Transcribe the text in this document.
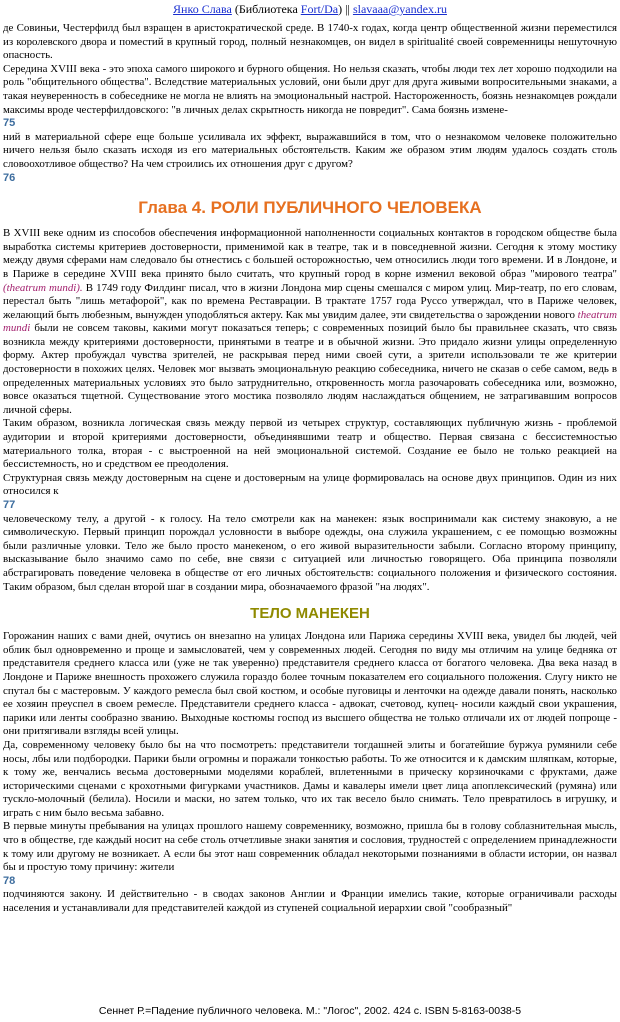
Янко Слава (Библиотека Fort/Da) || slavaaa@yandex.ru

де Совиньи, Честерфилд был взращен в аристократической среде. В 1740-х годах, когда центр общественной жизни переместился из королевского двора и поместий в крупный город, полный незнакомцев, он видел в spiritualité своей современницы нешуточную опасность.

Середина XVIII века - это эпоха самого широкого и бурного общения. Но нельзя сказать, чтобы люди тех лет хорошо подходили на роль "общительного общества". Вследствие материальных условий, они были друг для друга живыми вопросительными знаками, а такая неуверенность в собеседнике не могла не влиять на эмоциональный настрой. Настороженность, боязнь незнакомцев рождали максимы вроде честерфилдовского: "в личных делах скрытность никогда не повредит". Сама боязнь измене-

75

ний в материальной сфере еще больше усиливала их эффект, выражавшийся в том, что о незнакомом человеке положительно ничего нельзя было сказать исходя из его материальных обстоятельств. Каким же образом этим людям удалось создать столь словоохотливое общество? На чем строились их отношения друг с другом?

76
Глава 4. РОЛИ ПУБЛИЧНОГО ЧЕЛОВЕКА

В XVIII веке одним из способов обеспечения информационной наполненности социальных контактов в городском обществе была выработка системы критериев достоверности, применимой как в театре, так и в повседневной жизни. Сегодня к этому мостику между двумя сферами нам следовало бы отнестись с большей осторожностью, чем относились люди того времени. И в Лондоне, и в Париже в середине XVIII века принято было считать, что крупный город в корне изменил вековой образ "мирового театра" (theatrum mundi). В 1749 году Филдинг писал, что в жизни Лондона мир сцены смешался с миром улиц. Мир-театр, по его словам, перестал быть "лишь метафорой", как по времена Реставрации. В трактате 1757 года Руссо утверждал, что в Париже человек, желающий быть любезным, вынужден уподобляться актеру. Как мы увидим далее, эти свидетельства о зарождении нового theatrum mundi были не совсем таковы, какими могут показаться теперь; с современных позиций было бы правильнее сказать, что связь возникла между критериями достоверности, принятыми в театре и в обычной жизни. Это придало жизни улицы определенную форму. Актер пробуждал чувства зрителей, не раскрывая перед ними своей сути, а зрители использовали те же критерии достоверности в похожих целях. Человек мог вызвать эмоциональную реакцию собеседника, ничего не сказав о себе самом, ведь в определенных материальных условиях это было затруднительно, откровенность могла разочаровать собеседника или, возможно, вовсе оказаться тщетной. Существование этого мостика позволяло людям наслаждаться общением, не затрагивавшим вопросов личной сферы.

Таким образом, возникла логическая связь между первой из четырех структур, составляющих публичную жизнь - проблемой аудитории и второй критериями достоверности, объединявшими театр и общество. Первая связана с бессистемностью материального толка, вторая - с выстроенной на ней эмоциональной системой. Создание ее было не только реакцией на бессистемность, но и средством ее преодоления.

Структурная связь между достоверным на сцене и достоверным на улице формировалась на основе двух принципов. Один из них относился к

77

человеческому телу, а другой - к голосу. На тело смотрели как на манекен: язык воспринимали как систему знаковую, а не символическую. Первый принцип порождал условности в выборе одежды, она служила украшением, с ее помощью возможны были различные уловки. Тело же было просто манекеном, о его живой выразительности забыли. Согласно второму принципу, высказывание было значимо само по себе, вне связи с ситуацией или личностью говорящего. Оба принципа позволяли абстрагировать поведение человека в обществе от его личных обстоятельств: социального положения и физического состояния. Таким образом, был сделан второй шаг в создании мира, обозначаемого фразой "на людях".

ТЕЛО МАНЕКЕН

Горожанин наших с вами дней, очутись он внезапно на улицах Лондона или Парижа середины XVIII века, увидел бы людей, чей облик был одновременно и проще и замысловатей, чем у современных людей. Сегодня по виду мы отличим на улице бедняка от представителя среднего класса или (уже не так уверенно) представителя среднего класса от богатого человека. Два века назад в Лондоне и Париже внешность прохожего служила гораздо более точным показателем его социального положения. Слугу никто не спутал бы с мастеровым. У каждого ремесла был свой костюм, и особые пуговицы и ленточки на одежде давали понять, насколько ее хозяин преуспел в своем ремесле. Представители среднего класса - адвокат, счетовод, купец- носили каждый свои украшения, парики или ленты сообразно званию. Выходные костюмы господ из высшего общества не только отличали их от людей попроще - они притягивали взгляды всей улицы.

Да, современному человеку было бы на что посмотреть: представители тогдашней элиты и богатейшие буржуа румянили себе носы, лбы или подбородки. Парики были огромны и поражали тонкостью работы. То же относится и к дамским шляпкам, которые, к тому же, венчались весьма достоверными моделями кораблей, вплетенными в прическу корзиночками с фруктами, даже историческими сценами с крохотными фигурками участников. Дамы и кавалеры имели цвет лица апоплексический (румяна) или тускло-молочный (белила). Носили и маски, но затем только, что их так весело было снимать. Тело превратилось в игрушку, и играть с ним было весьма забавно.

В первые минуты пребывания на улицах прошлого нашему современнику, возможно, пришла бы в голову соблазнительная мысль, что в обществе, где каждый носит на себе столь отчетливые знаки занятия и сословия, трудностей с определением принадлежности к тому или другому не возникает. А если бы этот наш современник обладал некоторыми познаниями в области истории, он назвал бы и простую тому причину: жители

78

подчиняются закону. И действительно - в сводах законов Англии и Франции имелись такие, которые ограничивали расходы населения и устанавливали для представителей каждой из ступеней социальной иерархии свой "сообразный"

Сеннет Р.=Падение публичного человека. М.: "Логос", 2002. 424 с. ISBN 5-8163-0038-5
